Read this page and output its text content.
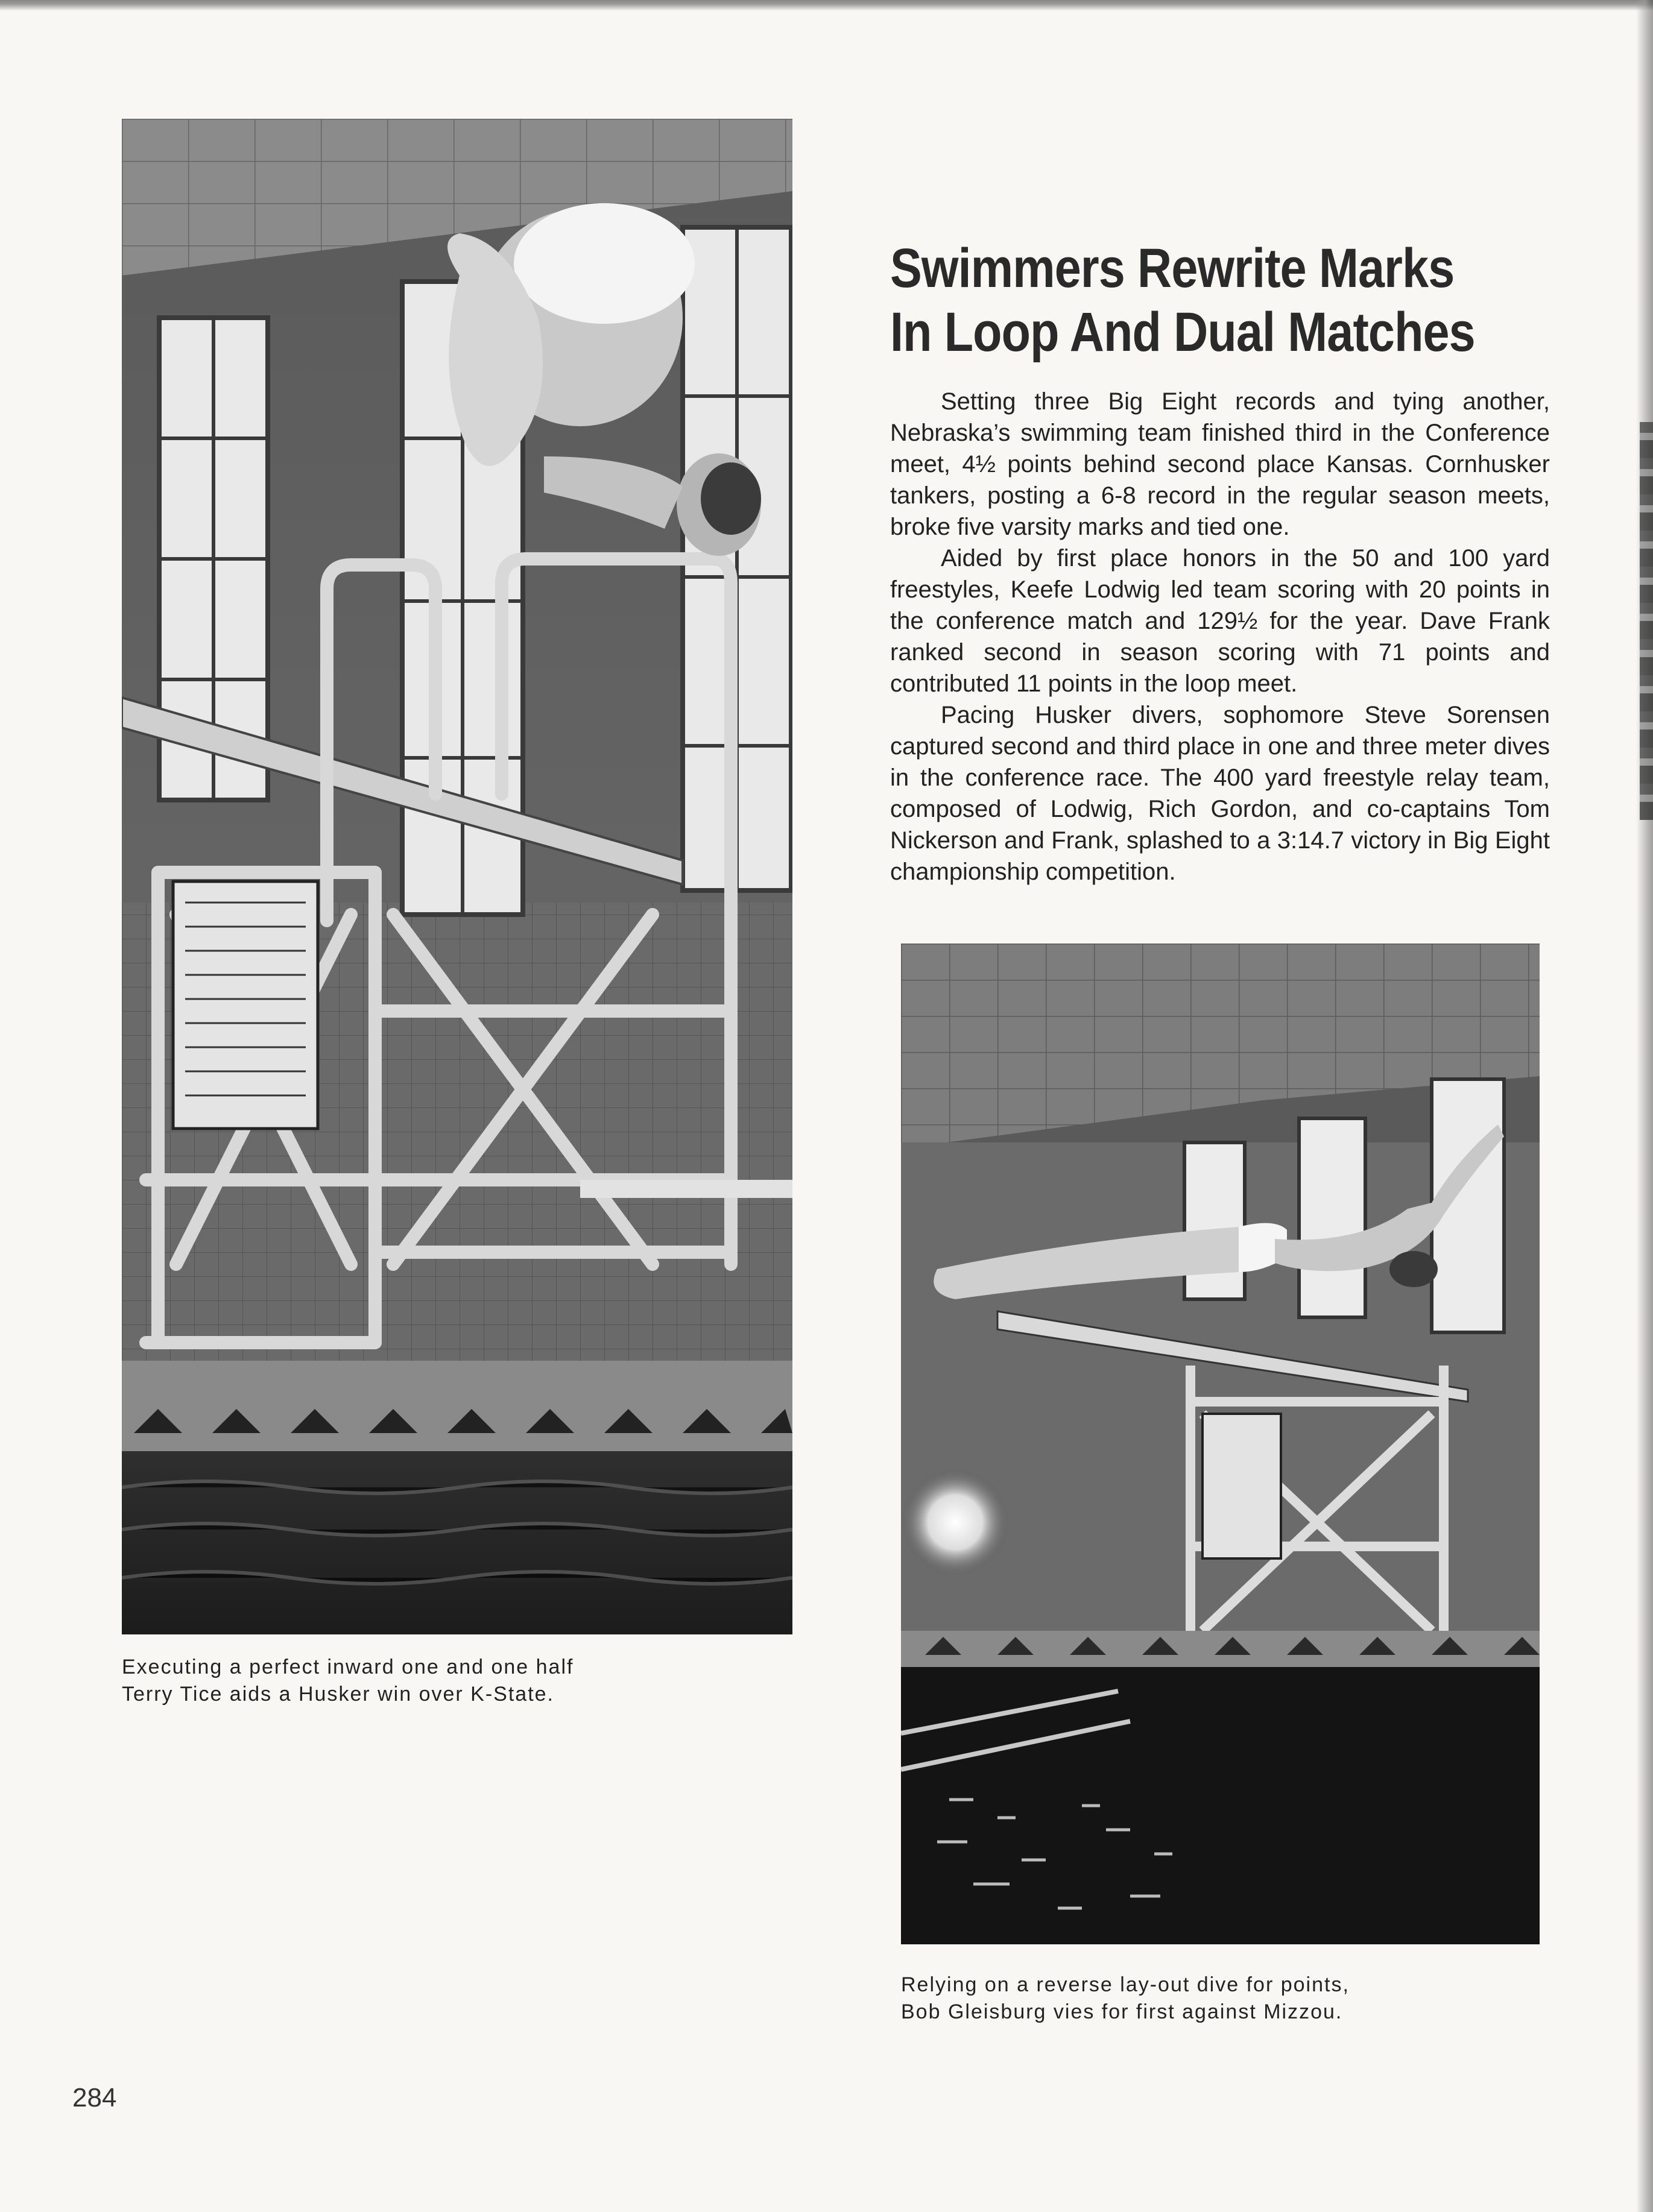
Swimmers Rewrite Marks
In Loop And Dual Matches

Setting three Big Eight records and tying another, Nebraska’s swimming team finished third in the Conference meet, 4½ points behind second place Kansas. Cornhusker tankers, posting a 6-8 record in the regular season meets, broke five varsity marks and tied one.

Aided by first place honors in the 50 and 100 yard freestyles, Keefe Lodwig led team scoring with 20 points in the conference match and 129½ for the year. Dave Frank ranked second in season scoring with 71 points and contributed 11 points in the loop meet.

Pacing Husker divers, sophomore Steve Sorensen captured second and third place in one and three meter dives in the conference race. The 400 yard freestyle relay team, composed of Lodwig, Rich Gordon, and co-captains Tom Nickerson and Frank, splashed to a 3:14.7 victory in Big Eight championship competition.

Executing a perfect inward one and one half
Terry Tice aids a Husker win over K-State.
Relying on a reverse lay-out dive for points,
Bob Gleisburg vies for first against Mizzou.
284
